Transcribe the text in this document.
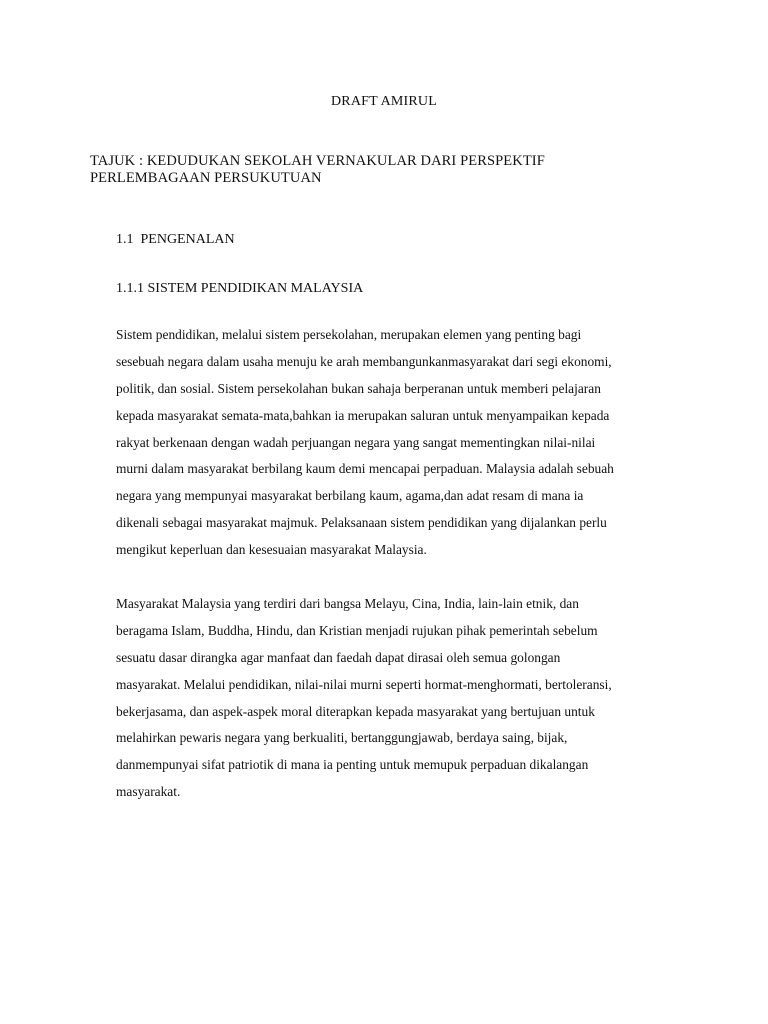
DRAFT AMIRUL
TAJUK : KEDUDUKAN SEKOLAH VERNAKULAR DARI PERSPEKTIF
PERLEMBAGAAN PERSUKUTUAN
1.1  PENGENALAN
1.1.1 SISTEM PENDIDIKAN MALAYSIA
Sistem pendidikan, melalui sistem persekolahan, merupakan elemen yang penting bagi
sesebuah negara dalam usaha menuju ke arah membangunkanmasyarakat dari segi ekonomi,
politik, dan sosial. Sistem persekolahan bukan sahaja berperanan untuk memberi pelajaran
kepada masyarakat semata-mata,bahkan ia merupakan saluran untuk menyampaikan kepada
rakyat berkenaan dengan wadah perjuangan negara yang sangat mementingkan nilai-nilai
murni dalam masyarakat berbilang kaum demi mencapai perpaduan. Malaysia adalah sebuah
negara yang mempunyai masyarakat berbilang kaum, agama,dan adat resam di mana ia
dikenali sebagai masyarakat majmuk. Pelaksanaan sistem pendidikan yang dijalankan perlu
mengikut keperluan dan kesesuaian masyarakat Malaysia.
Masyarakat Malaysia yang terdiri dari bangsa Melayu, Cina, India, lain-lain etnik, dan
beragama Islam, Buddha, Hindu, dan Kristian menjadi rujukan pihak pemerintah sebelum
sesuatu dasar dirangka agar manfaat dan faedah dapat dirasai oleh semua golongan
masyarakat. Melalui pendidikan, nilai-nilai murni seperti hormat-menghormati, bertoleransi,
bekerjasama, dan aspek-aspek moral diterapkan kepada masyarakat yang bertujuan untuk
melahirkan pewaris negara yang berkualiti, bertanggungjawab, berdaya saing, bijak,
danmempunyai sifat patriotik di mana ia penting untuk memupuk perpaduan dikalangan
masyarakat.
